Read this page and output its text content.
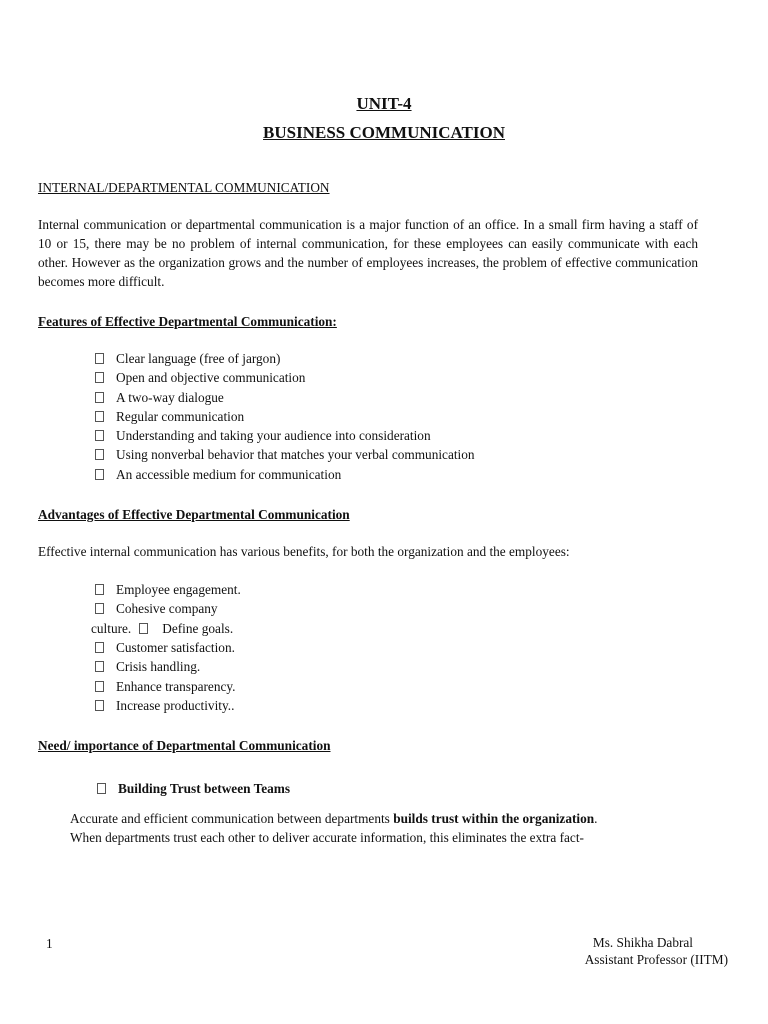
UNIT-4
BUSINESS COMMUNICATION
INTERNAL/DEPARTMENTAL COMMUNICATION
Internal communication or departmental communication is a major function of an office. In a small firm having a staff of 10 or 15, there may be no problem of internal communication, for these employees can easily communicate with each other. However as the organization grows and the number of employees increases, the problem of effective communication becomes more difficult.
Features of Effective Departmental Communication:
Clear language (free of jargon)
Open and objective communication
A two-way dialogue
Regular communication
Understanding and taking your audience into consideration
Using nonverbal behavior that matches your verbal communication
An accessible medium for communication
Advantages of Effective Departmental Communication
Effective internal communication has various benefits, for both the organization and the employees:
Employee engagement.
Cohesive company
culture. Define goals.
Customer satisfaction.
Crisis handling.
Enhance transparency.
Increase productivity..
Need/ importance of Departmental Communication
Building Trust between Teams
Accurate and efficient communication between departments builds trust within the organization.
When departments trust each other to deliver accurate information, this eliminates the extra fact-
1	Ms. Shikha Dabral
Assistant Professor (IITM)
